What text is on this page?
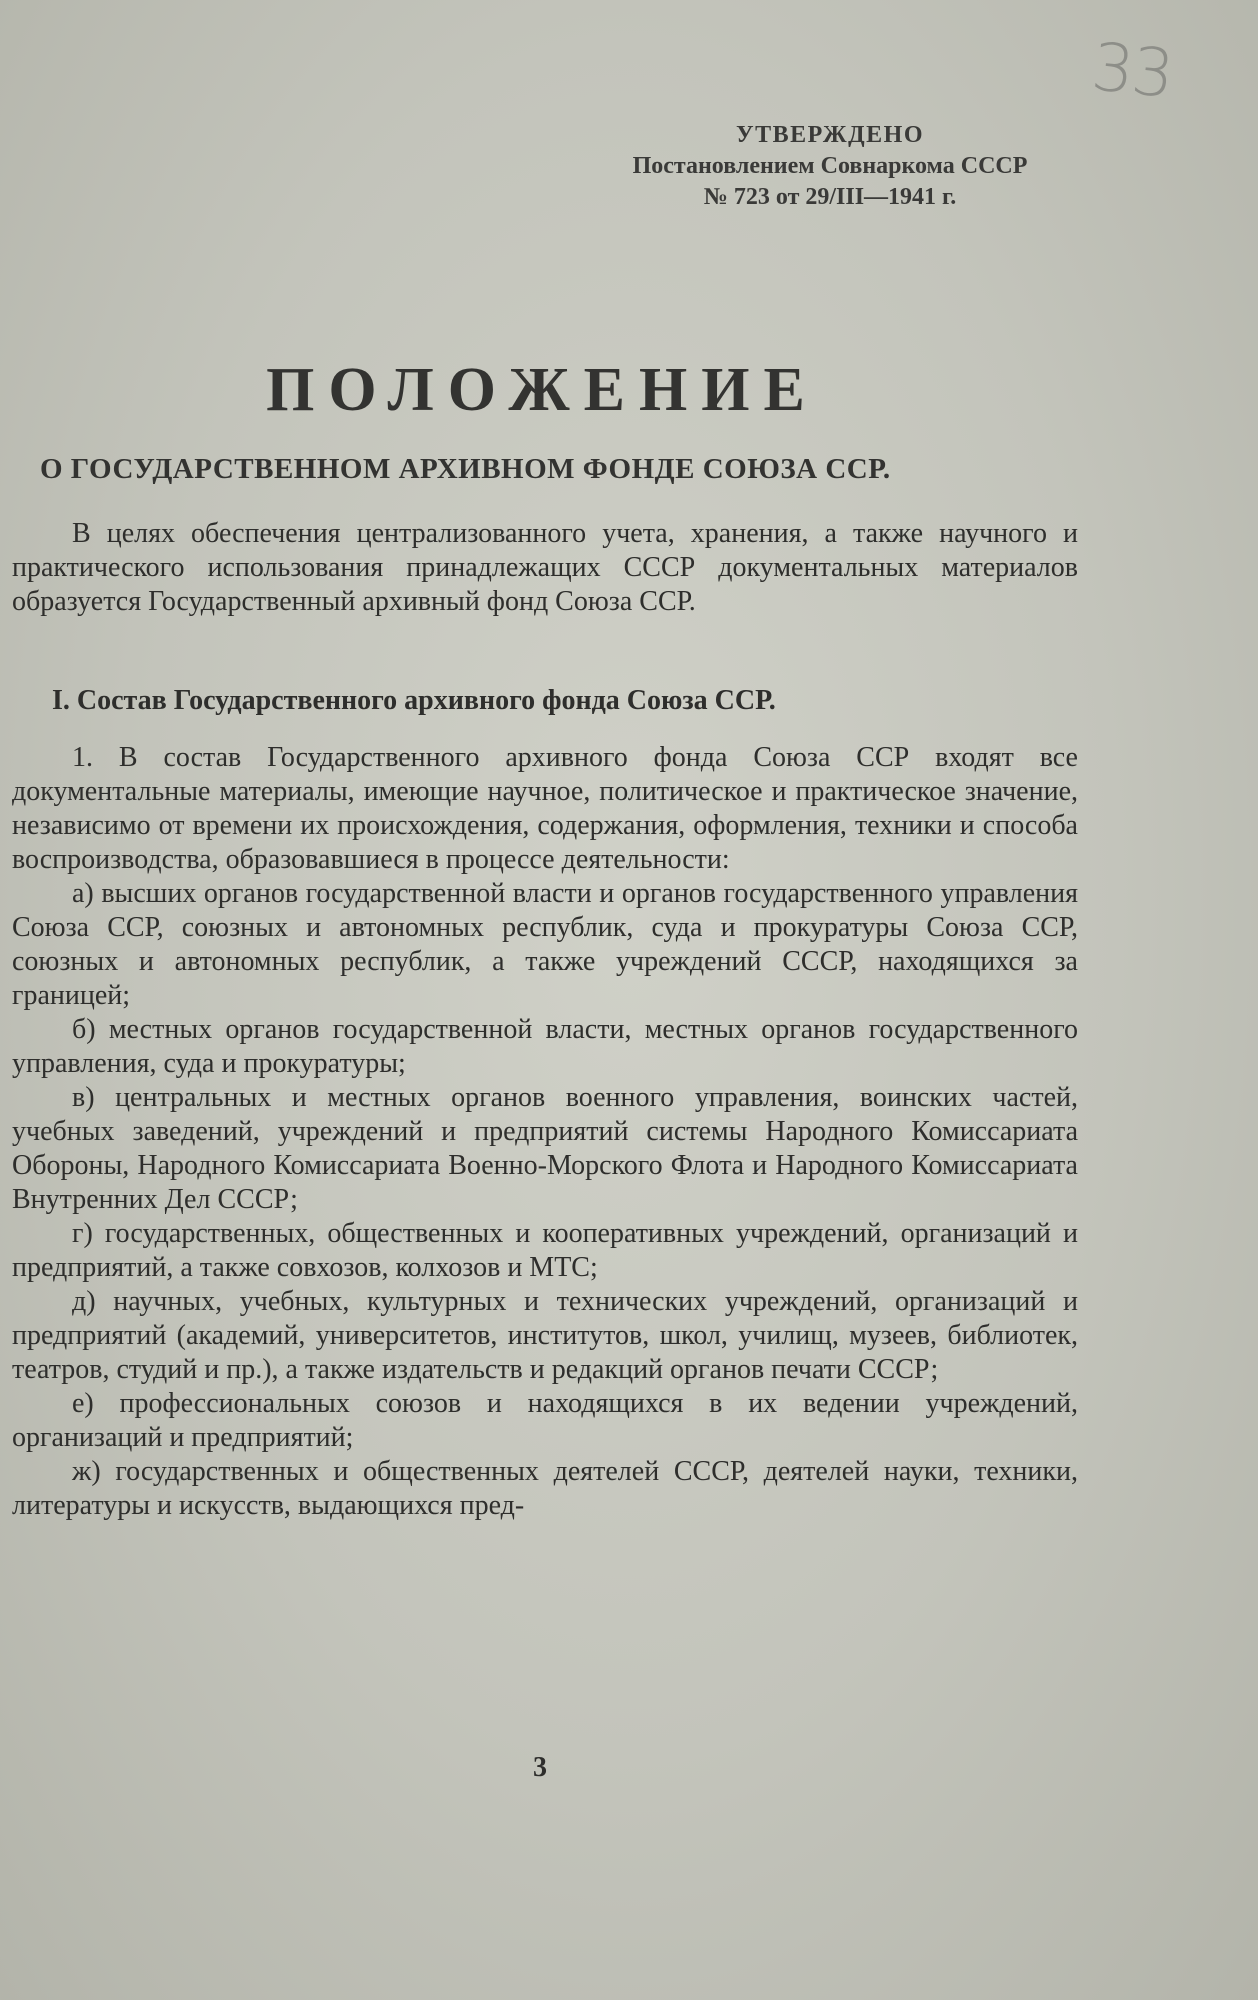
33
УТВЕРЖДЕНО
Постановлением Совнаркома СССР
№ 723 от 29/III—1941 г.
ПОЛОЖЕНИЕ
О ГОСУДАРСТВЕННОМ АРХИВНОМ ФОНДЕ СОЮЗА ССР.

В целях обеспечения централизованного учета, хранения, а также научного и практического использования принадлежащих СССР документальных материалов образуется Государственный архивный фонд Союза ССР.

I. Состав Государственного архивного фонда Союза ССР.

1. В состав Государственного архивного фонда Союза ССР входят все документальные материалы, имеющие научное, политическое и практическое значение, независимо от времени их происхождения, содержания, оформления, техники и способа воспроизводства, образовавшиеся в процессе деятельности:

а) высших органов государственной власти и органов государственного управления Союза ССР, союзных и автономных республик, суда и прокуратуры Союза ССР, союзных и автономных республик, а также учреждений СССР, находящихся за границей;

б) местных органов государственной власти, местных органов государственного управления, суда и прокуратуры;

в) центральных и местных органов военного управления, воинских частей, учебных заведений, учреждений и предприятий системы Народного Комиссариата Обороны, Народного Комиссариата Военно-Морского Флота и Народного Комиссариата Внутренних Дел СССР;

г) государственных, общественных и кооперативных учреждений, организаций и предприятий, а также совхозов, колхозов и МТС;

д) научных, учебных, культурных и технических учреждений, организаций и предприятий (академий, университетов, институтов, школ, училищ, музеев, библиотек, театров, студий и пр.), а также издательств и редакций органов печати СССР;

е) профессиональных союзов и находящихся в их ведении учреждений, организаций и предприятий;

ж) государственных и общественных деятелей СССР, деятелей науки, техники, литературы и искусств, выдающихся пред-

3
